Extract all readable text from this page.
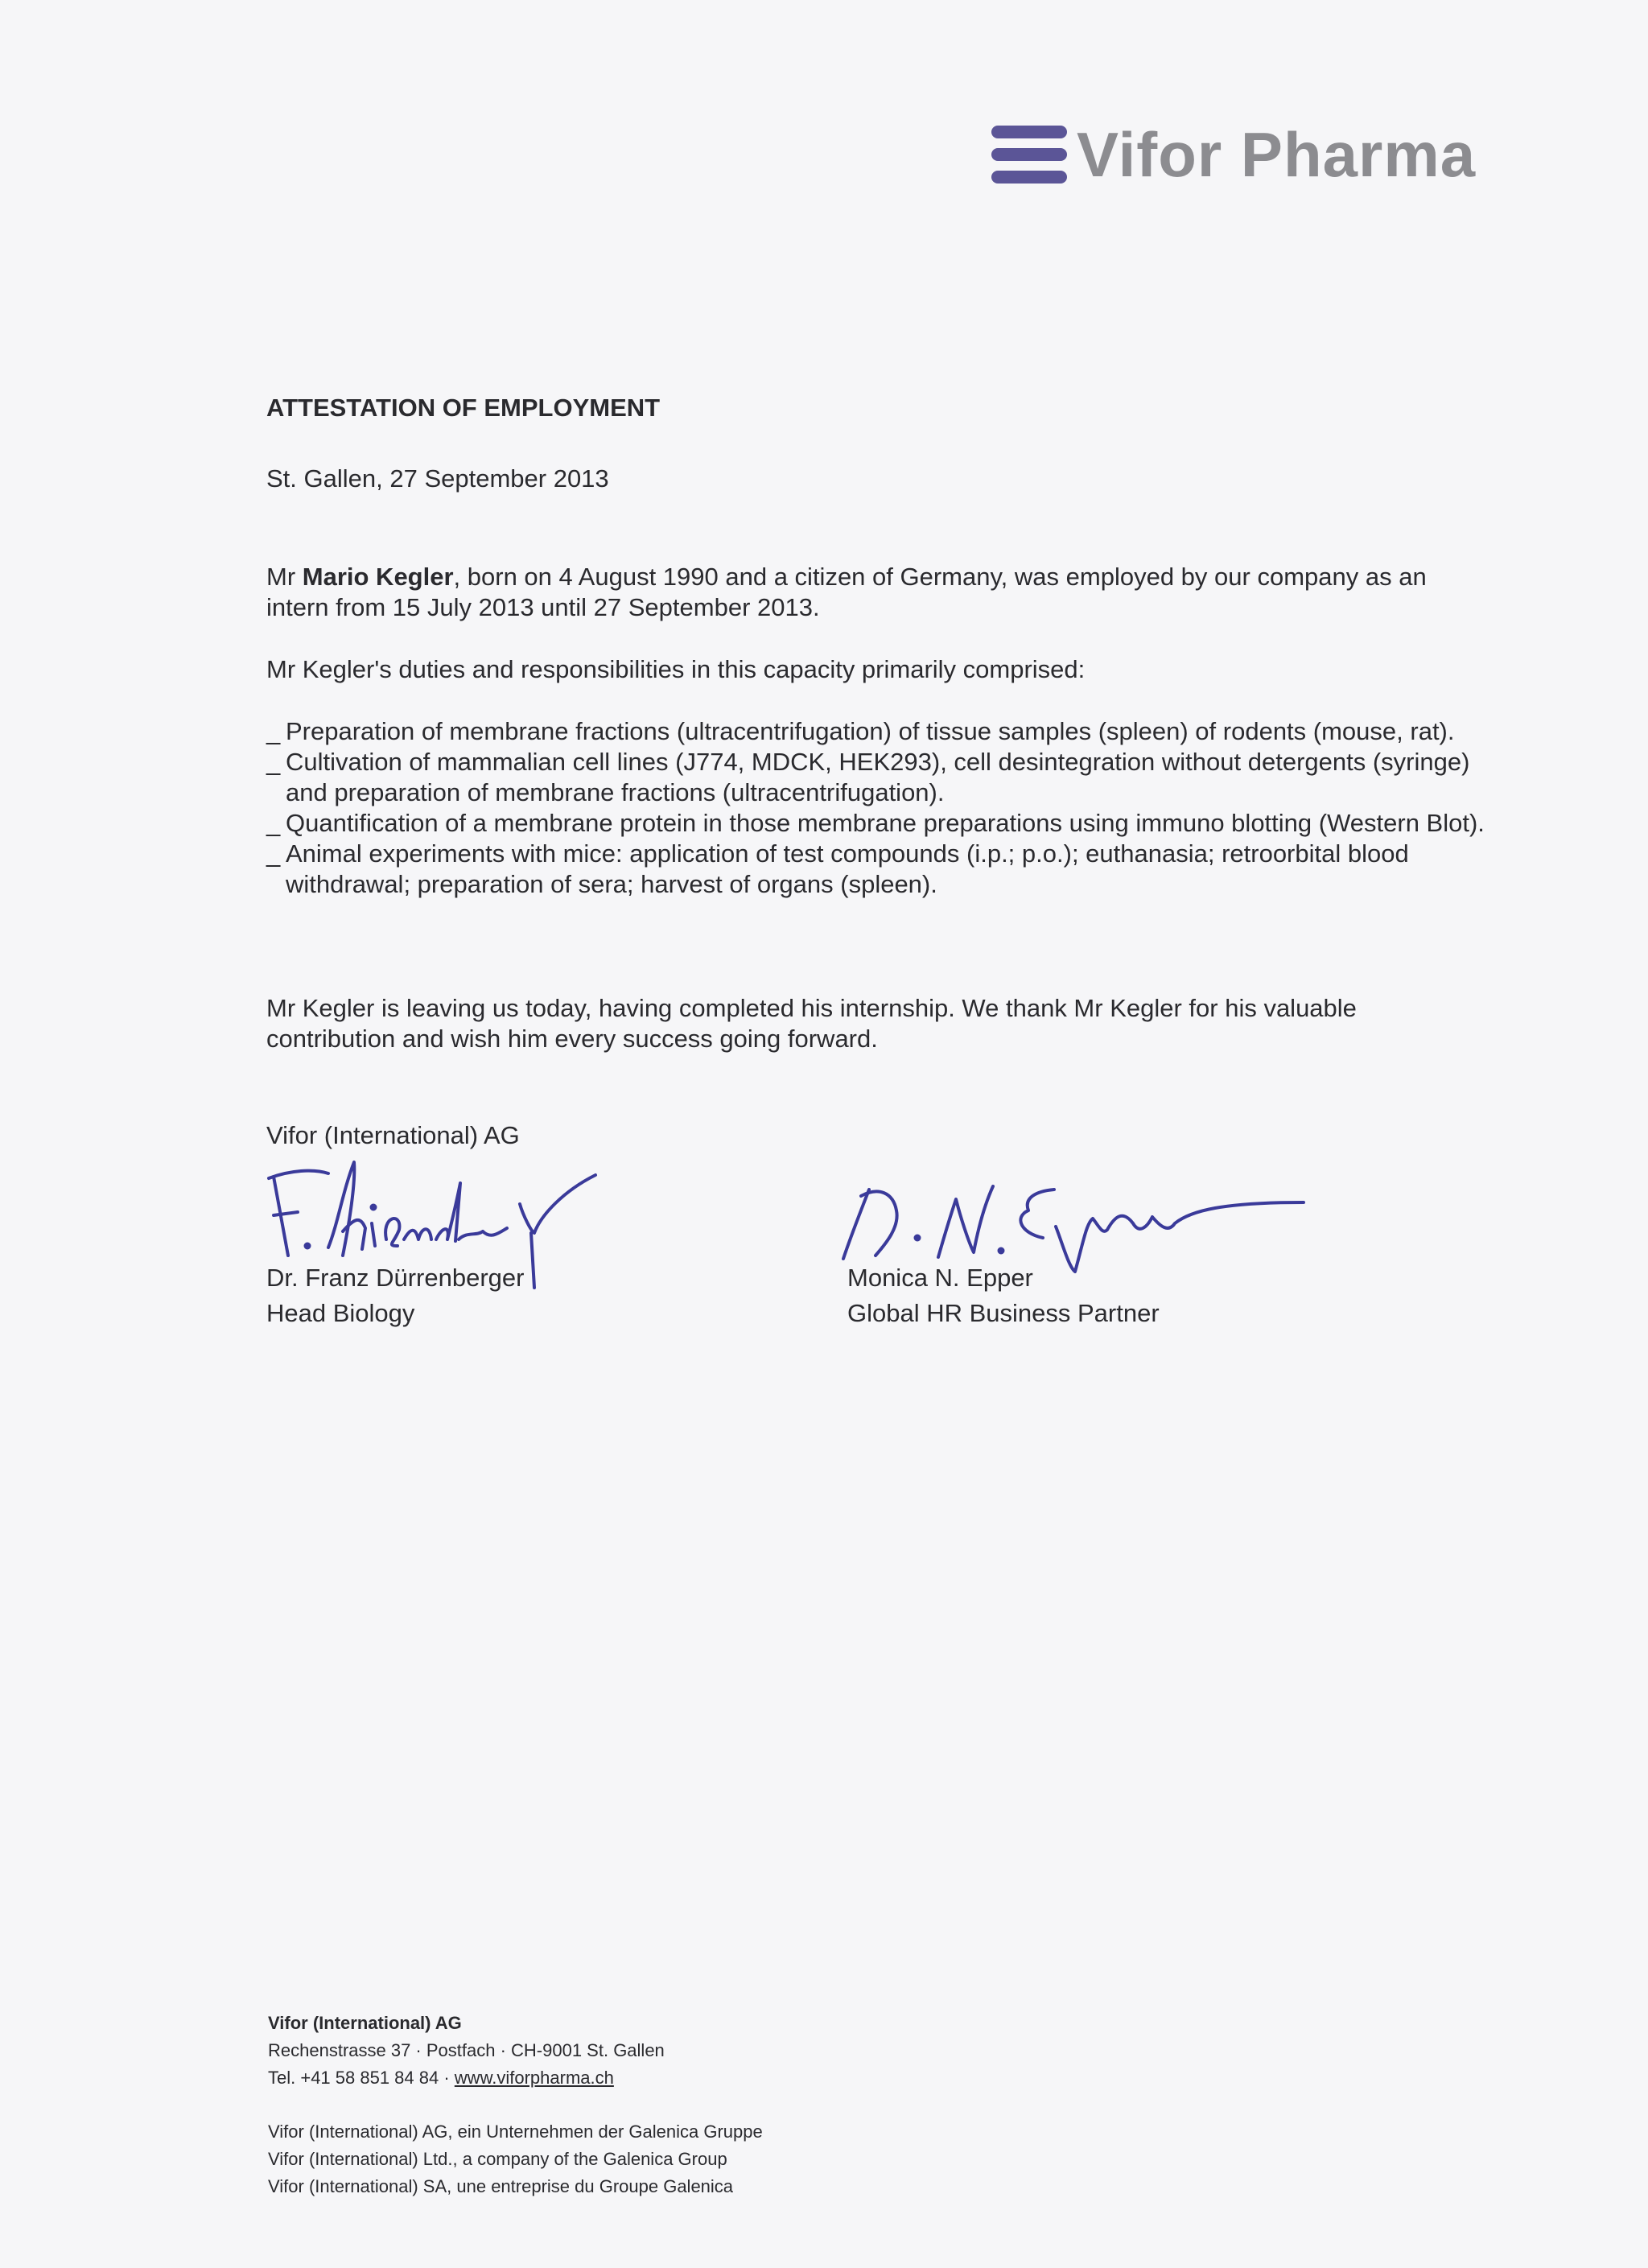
Vifor Pharma
ATTESTATION OF EMPLOYMENT
St. Gallen, 27 September 2013
Mr Mario Kegler, born on 4 August 1990 and a citizen of Germany, was employed by our company as an intern from 15 July 2013 until 27 September 2013.
Mr Kegler's duties and responsibilities in this capacity primarily comprised:
_ Preparation of membrane fractions (ultracentrifugation) of tissue samples (spleen) of rodents (mouse, rat).
_ Cultivation of mammalian cell lines (J774, MDCK, HEK293), cell desintegration without detergents (syringe) and preparation of membrane fractions (ultracentrifugation).
_ Quantification of a membrane protein in those membrane preparations using immuno blotting (Western Blot).
_ Animal experiments with mice: application of test compounds (i.p.; p.o.); euthanasia; retroorbital blood withdrawal; preparation of sera; harvest of organs (spleen).
Mr Kegler is leaving us today, having completed his internship. We thank Mr Kegler for his valuable contribution and wish him every success going forward.
Vifor (International) AG
Dr. Franz Dürrenberger
Head Biology
Monica N. Epper
Global HR Business Partner
Vifor (International) AG
Rechenstrasse 37 · Postfach · CH-9001 St. Gallen
Tel. +41 58 851 84 84 · www.viforpharma.ch
Vifor (International) AG, ein Unternehmen der Galenica Gruppe
Vifor (International) Ltd., a company of the Galenica Group
Vifor (International) SA, une entreprise du Groupe Galenica
